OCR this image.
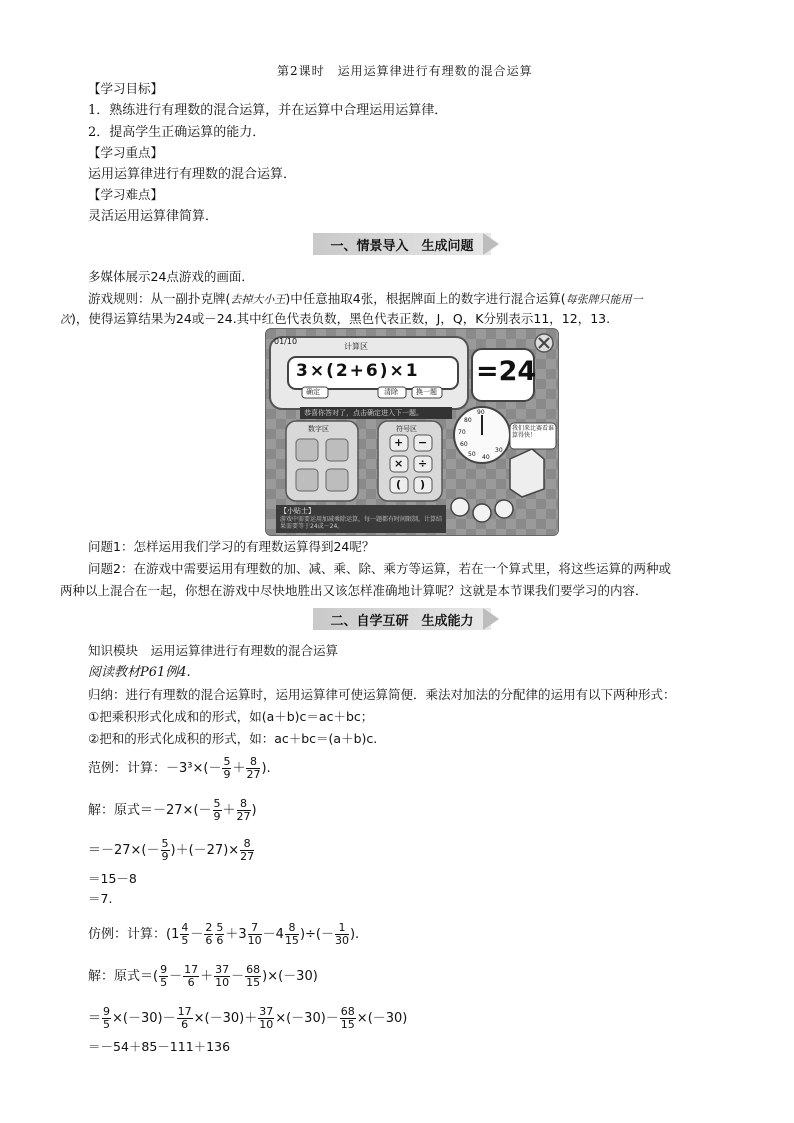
第2课时　运用运算律进行有理数的混合运算
【学习目标】
1．熟练进行有理数的混合运算，并在运算中合理运用运算律．
2．提高学生正确运算的能力．
【学习重点】
运用运算律进行有理数的混合运算．
【学习难点】
灵活运用运算律简算．
一、情景导入　生成问题
多媒体展示24点游戏的画面．
游戏规则：从一副扑克牌(去掉大小王)中任意抽取4张，根据牌面上的数字进行混合运算(每张牌只能用一
次)，使得运算结果为24或－24.其中红色代表负数，黑色代表正数，J，Q，K分别表示11，12，13.
01/10
计算区
3×(2+6)×1 =24
确定	清除	换一题
恭喜你答对了，点击确定进入下一题。
数字区	符号区
+ −
× ÷
( )
90
80
70
60
50 40
30
我们来比赛看谁算得快！
【小贴士】
游戏中需要运用加减乘除运算，每一题都有时间限制，计算结果需要等于24或－24。
问题1：怎样运用我们学习的有理数运算得到24呢？
问题2：在游戏中需要运用有理数的加、减、乘、除、乘方等运算，若在一个算式里，将这些运算的两种或
两种以上混合在一起，你想在游戏中尽快地胜出又该怎样准确地计算呢？这就是本节课我们要学习的内容．
二、自学互研　生成能力
知识模块　运用运算律进行有理数的混合运算
阅读教材P61例4.
归纳：进行有理数的混合运算时，运用运算律可使运算简便．乘法对加法的分配律的运用有以下两种形式：
①把乘积形式化成和的形式，如(a＋b)c＝ac＋bc；
②把和的形式化成积的形式，如：ac＋bc＝(a＋b)c.
范例：计算：$-3^3\times(- \frac{5}{9} + \frac{8}{27}$ ).
解：原式$=-27\times(- \frac{5}{9} + \frac{8}{27}$ )
$=-27\times(- \frac{5}{9} )+(-27)\times \frac{8}{27}$
＝15－8
＝7.
仿例：计算：($1 \frac{4}{5} - \frac{2}{6} \frac{5}{6} +3 \frac{7}{10} -4 \frac{8}{15}$ )÷(－ $\frac{1}{30}$ ).
解：原式＝( $\frac{9}{5} - \frac{17}{6} + \frac{37}{10} - \frac{68}{15} )\times(-30)$
＝ $\frac{9}{5} \times(-30)- \frac{17}{6} \times(-30)+ \frac{37}{10} \times(-30)- \frac{68}{15} \times(-30)$
＝－54＋85－111＋136
